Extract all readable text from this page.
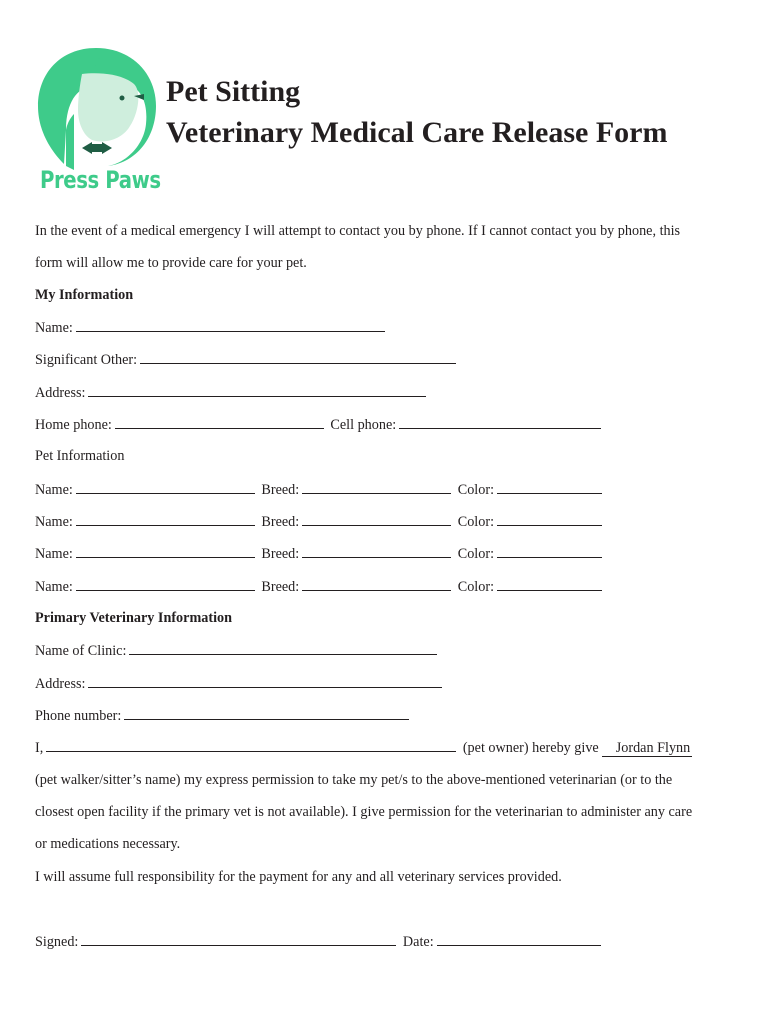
Press Paws
Pet Sitting
Veterinary Medical Care Release Form
In the event of a medical emergency I will attempt to contact you by phone. If I cannot contact you by phone, this
form will allow me to provide care for your pet.
My Information
Name:
Significant Other:
Address:
Home phone:	Cell phone:
Pet Information
Name:	Breed:	Color:
Name:	Breed:	Color:
Name:	Breed:	Color:
Name:	Breed:	Color:
Primary Veterinary Information
Name of Clinic:
Address:
Phone number:
I,	(pet owner) hereby give Jordan Flynn
(pet walker/sitter’s name) my express permission to take my pet/s to the above-mentioned veterinarian (or to the
closest open facility if the primary vet is not available). I give permission for the veterinarian to administer any care
or medications necessary.
I will assume full responsibility for the payment for any and all veterinary services provided.
Signed:	Date:
